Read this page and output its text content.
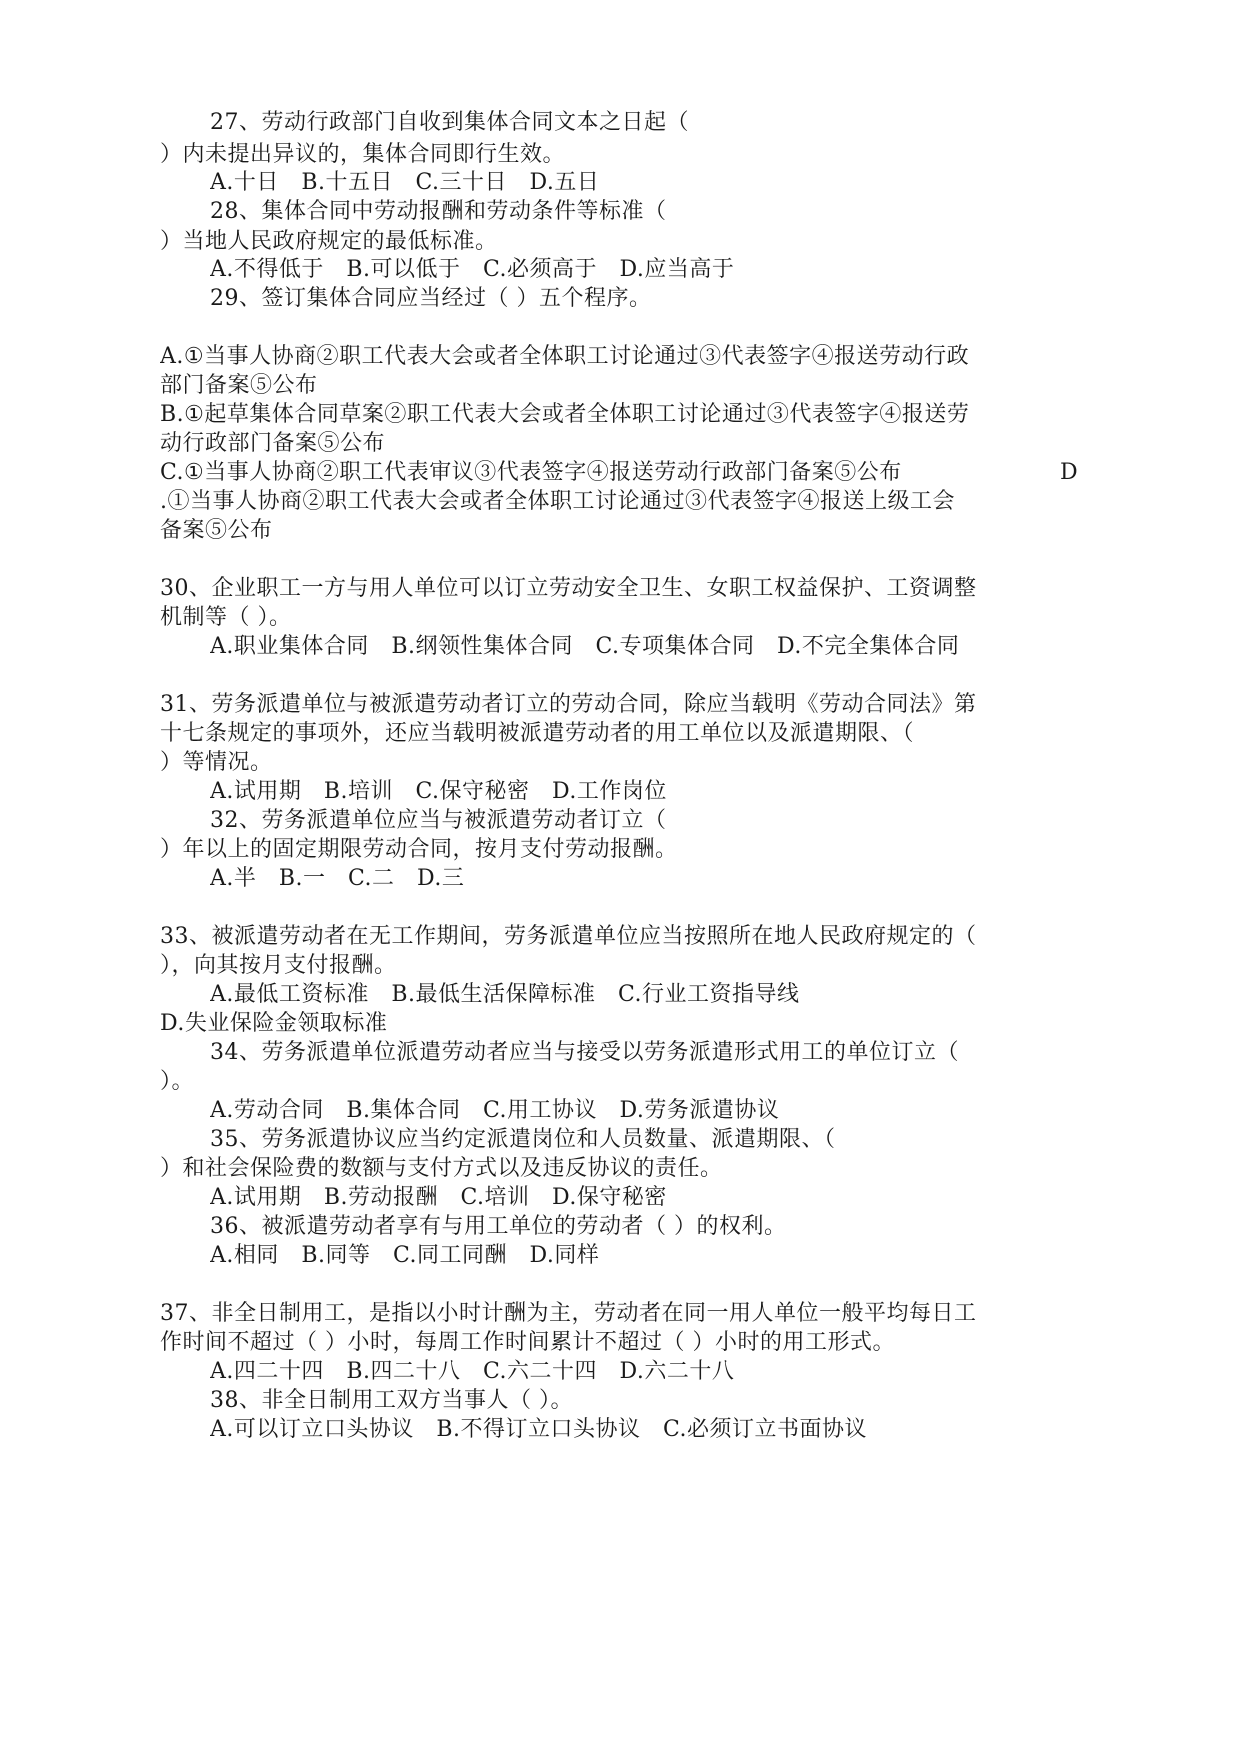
27、劳动行政部门自收到集体合同文本之日起（
）内未提出异议的，集体合同即行生效。
A.十日   B.十五日   C.三十日   D.五日
28、集体合同中劳动报酬和劳动条件等标准（
）当地人民政府规定的最低标准。
A.不得低于   B.可以低于   C.必须高于   D.应当高于
29、签订集体合同应当经过（ ）五个程序。
A.①当事人协商②职工代表大会或者全体职工讨论通过③代表签字④报送劳动行政
部门备案⑤公布
B.①起草集体合同草案②职工代表大会或者全体职工讨论通过③代表签字④报送劳
动行政部门备案⑤公布
C.①当事人协商②职工代表审议③代表签字④报送劳动行政部门备案⑤公布	D
.①当事人协商②职工代表大会或者全体职工讨论通过③代表签字④报送上级工会
备案⑤公布
30、企业职工一方与用人单位可以订立劳动安全卫生、女职工权益保护、工资调整
机制等（ ）。
A.职业集体合同   B.纲领性集体合同   C.专项集体合同   D.不完全集体合同
31、劳务派遣单位与被派遣劳动者订立的劳动合同，除应当载明《劳动合同法》第
十七条规定的事项外，还应当载明被派遣劳动者的用工单位以及派遣期限、（
）等情况。
A.试用期   B.培训   C.保守秘密   D.工作岗位
32、劳务派遣单位应当与被派遣劳动者订立（
）年以上的固定期限劳动合同，按月支付劳动报酬。
A.半   B.一   C.二   D.三
33、被派遣劳动者在无工作期间，劳务派遣单位应当按照所在地人民政府规定的（
），向其按月支付报酬。
A.最低工资标准   B.最低生活保障标准   C.行业工资指导线
D.失业保险金领取标准
34、劳务派遣单位派遣劳动者应当与接受以劳务派遣形式用工的单位订立（
）。
A.劳动合同   B.集体合同   C.用工协议   D.劳务派遣协议
35、劳务派遣协议应当约定派遣岗位和人员数量、派遣期限、（
）和社会保险费的数额与支付方式以及违反协议的责任。
A.试用期   B.劳动报酬   C.培训   D.保守秘密
36、被派遣劳动者享有与用工单位的劳动者（ ）的权利。
A.相同   B.同等   C.同工同酬   D.同样
37、非全日制用工，是指以小时计酬为主，劳动者在同一用人单位一般平均每日工
作时间不超过（ ）小时，每周工作时间累计不超过（ ）小时的用工形式。
A.四二十四   B.四二十八   C.六二十四   D.六二十八
38、非全日制用工双方当事人（ ）。
A.可以订立口头协议   B.不得订立口头协议   C.必须订立书面协议
